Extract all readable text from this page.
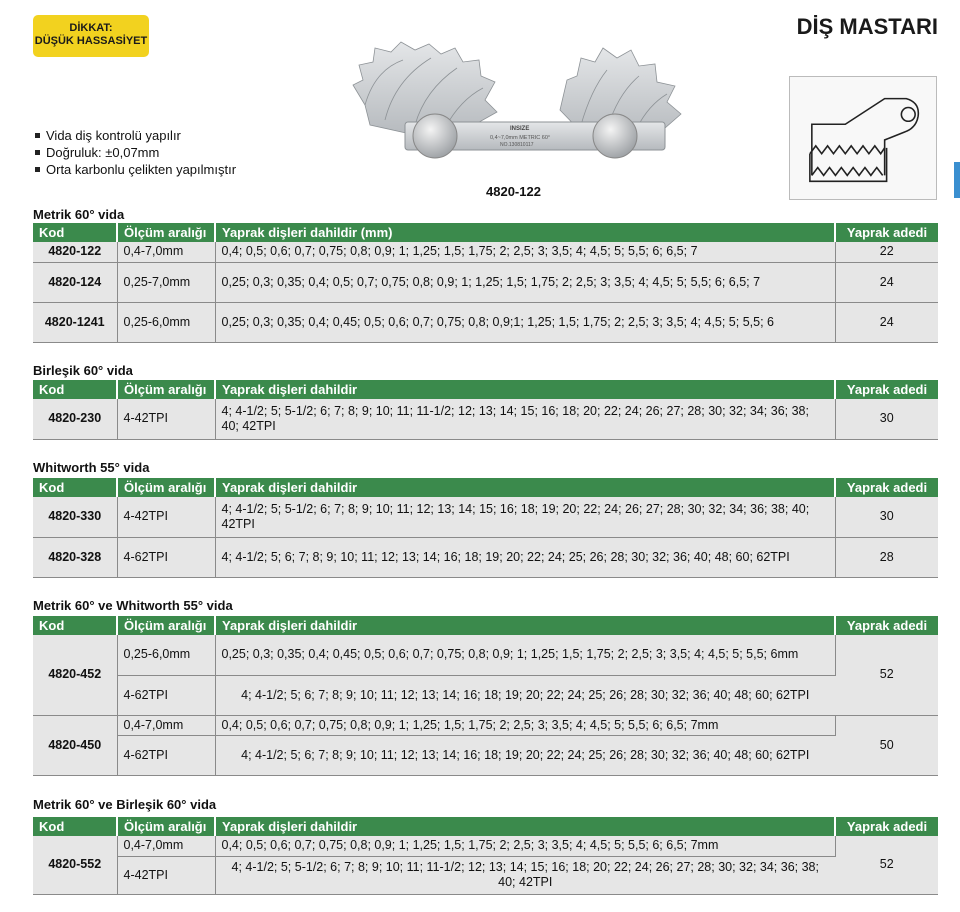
DİKKAT:
DÜŞÜK HASSASİYET
DİŞ MASTARI
Vida diş kontrolü yapılır
Doğruluk: ±0,07mm
Orta karbonlu çelikten yapılmıştır
INSIZE
0,4~7,0mm METRIC 60°
NO.130810117
4820-122
Metrik 60° vida
Kod	Ölçüm aralığı	Yaprak dişleri dahildir (mm)	Yaprak adedi
4820-122	0,4-7,0mm	0,4; 0,5; 0,6; 0,7; 0,75; 0,8; 0,9; 1; 1,25; 1,5; 1,75; 2; 2,5; 3; 3,5; 4; 4,5; 5; 5,5; 6; 6,5; 7	22
4820-124	0,25-7,0mm	0,25; 0,3; 0,35; 0,4; 0,5; 0,7; 0,75; 0,8; 0,9; 1; 1,25; 1,5; 1,75; 2; 2,5; 3; 3,5; 4; 4,5; 5; 5,5; 6; 6,5; 7	24
4820-1241	0,25-6,0mm	0,25; 0,3; 0,35; 0,4; 0,45; 0,5; 0,6; 0,7; 0,75; 0,8; 0,9;1; 1,25; 1,5; 1,75; 2; 2,5; 3; 3,5; 4; 4,5; 5; 5,5; 6	24
Birleşik 60° vida
Kod	Ölçüm aralığı	Yaprak dişleri dahildir	Yaprak adedi
4820-230	4-42TPI	4; 4-1/2; 5; 5-1/2; 6; 7; 8; 9; 10; 11; 11-1/2; 12; 13; 14; 15; 16; 18; 20; 22; 24; 26; 27; 28; 30; 32; 34; 36; 38; 40; 42TPI	30
Whitworth 55° vida
Kod	Ölçüm aralığı	Yaprak dişleri dahildir	Yaprak adedi
4820-330	4-42TPI	4; 4-1/2; 5; 5-1/2; 6; 7; 8; 9; 10; 11; 12; 13; 14; 15; 16; 18; 19; 20; 22; 24; 26; 27; 28; 30; 32; 34; 36; 38; 40; 42TPI	30
4820-328	4-62TPI	4; 4-1/2; 5; 6; 7; 8; 9; 10; 11; 12; 13; 14; 16; 18; 19; 20; 22; 24; 25; 26; 28; 30; 32; 36; 40; 48; 60; 62TPI	28
Metrik 60° ve Whitworth 55° vida
Kod	Ölçüm aralığı	Yaprak dişleri dahildir	Yaprak adedi
4820-452	0,25-6,0mm	0,25; 0,3; 0,35; 0,4; 0,45; 0,5; 0,6; 0,7; 0,75; 0,8; 0,9; 1; 1,25; 1,5; 1,75; 2; 2,5; 3; 3,5; 4; 4,5; 5; 5,5; 6mm	52
	4-62TPI	4; 4-1/2; 5; 6; 7; 8; 9; 10; 11; 12; 13; 14; 16; 18; 19; 20; 22; 24; 25; 26; 28; 30; 32; 36; 40; 48; 60; 62TPI	
4820-450	0,4-7,0mm	0,4; 0,5; 0,6; 0,7; 0,75; 0,8; 0,9; 1; 1,25; 1,5; 1,75; 2; 2,5; 3; 3,5; 4; 4,5; 5; 5,5; 6; 6,5; 7mm	50
	4-62TPI	4; 4-1/2; 5; 6; 7; 8; 9; 10; 11; 12; 13; 14; 16; 18; 19; 20; 22; 24; 25; 26; 28; 30; 32; 36; 40; 48; 60; 62TPI	
Metrik 60° ve Birleşik 60° vida
Kod	Ölçüm aralığı	Yaprak dişleri dahildir	Yaprak adedi
4820-552	0,4-7,0mm	0,4; 0,5; 0,6; 0,7; 0,75; 0,8; 0,9; 1; 1,25; 1,5; 1,75; 2; 2,5; 3; 3,5; 4; 4,5; 5; 5,5; 6; 6,5; 7mm	52
	4-42TPI	4; 4-1/2; 5; 5-1/2; 6; 7; 8; 9; 10; 11; 11-1/2; 12; 13; 14; 15; 16; 18; 20; 22; 24; 26; 27; 28; 30; 32; 34; 36; 38; 40; 42TPI	
